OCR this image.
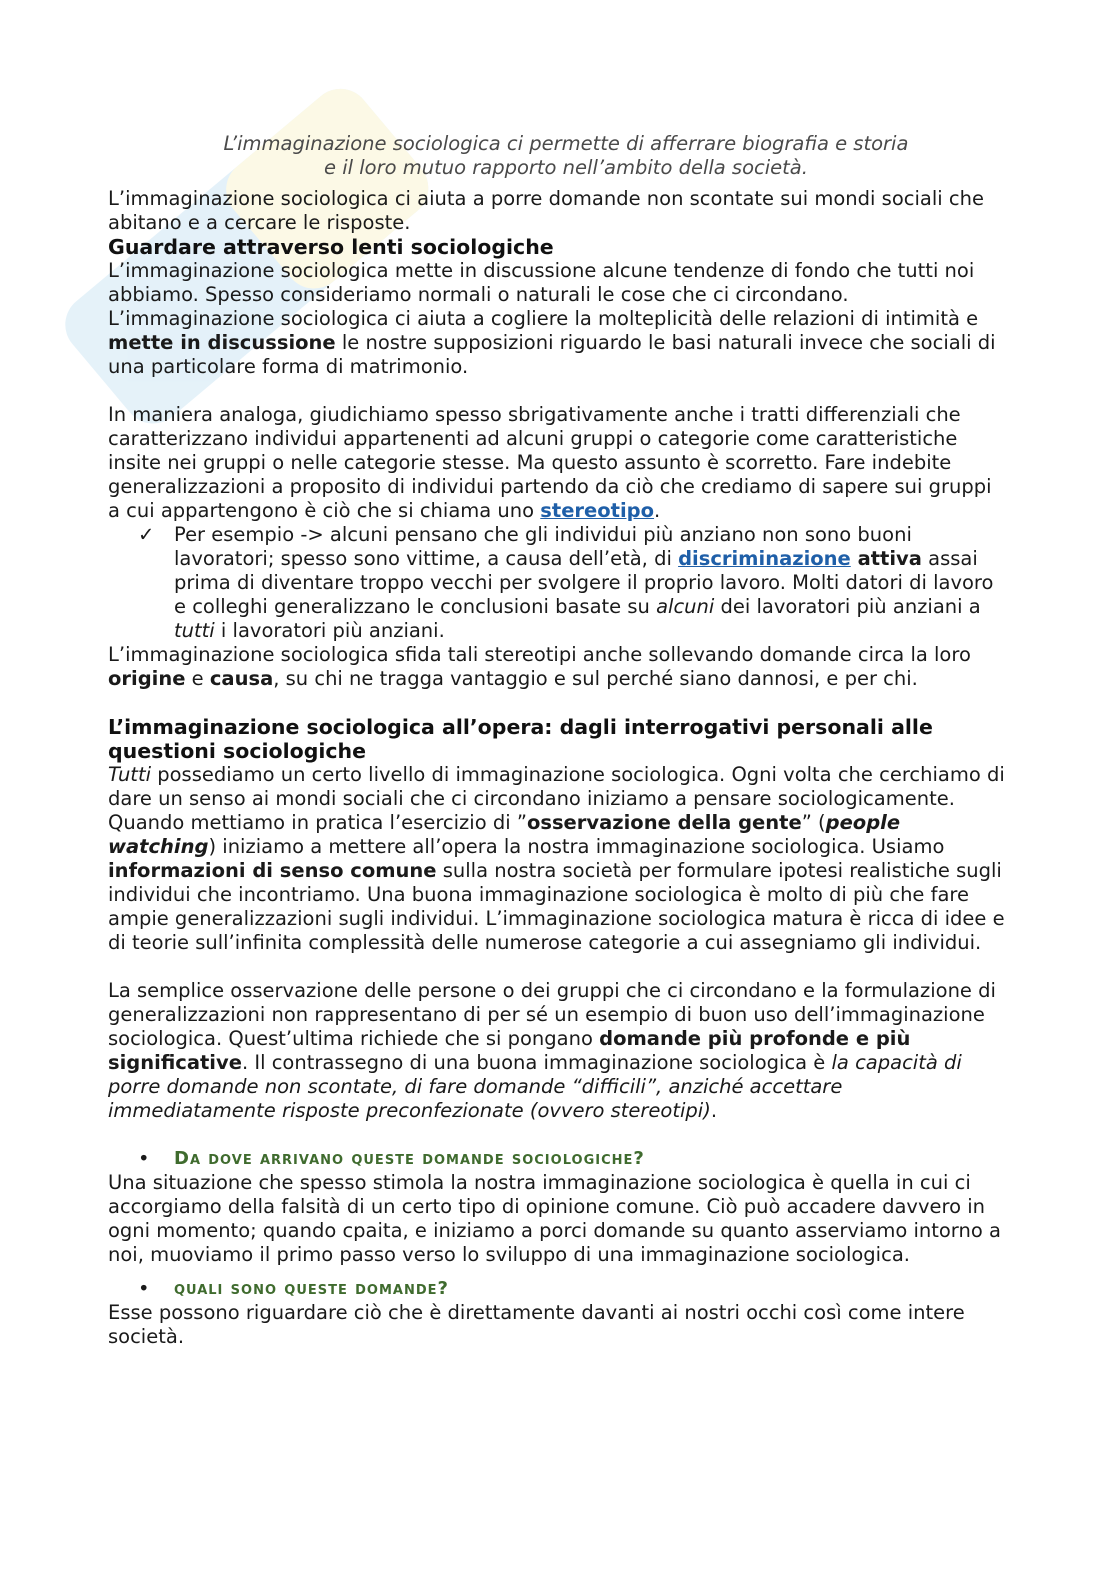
L’immaginazione sociologica ci permette di afferrare biografia e storia
e il loro mutuo rapporto nell’ambito della società.

L’immaginazione sociologica ci aiuta a porre domande non scontate sui mondi sociali che abitano e a cercare le risposte.

Guardare attraverso lenti sociologiche

L’immaginazione sociologica mette in discussione alcune tendenze di fondo che tutti noi abbiamo. Spesso consideriamo normali o naturali le cose che ci circondano.

L’immaginazione sociologica ci aiuta a cogliere la molteplicità delle relazioni di intimità e mette in discussione le nostre supposizioni riguardo le basi naturali invece che sociali di una particolare forma di matrimonio.

In maniera analoga, giudichiamo spesso sbrigativamente anche i tratti differenziali che caratterizzano individui appartenenti ad alcuni gruppi o categorie come caratteristiche insite nei gruppi o nelle categorie stesse. Ma questo assunto è scorretto. Fare indebite generalizzazioni a proposito di individui partendo da ciò che crediamo di sapere sui gruppi a cui appartengono è ciò che si chiama uno stereotipo.

✓	Per esempio -> alcuni pensano che gli individui più anziano non sono buoni lavoratori; spesso sono vittime, a causa dell’età, di discriminazione attiva assai prima di diventare troppo vecchi per svolgere il proprio lavoro. Molti datori di lavoro e colleghi generalizzano le conclusioni basate su alcuni dei lavoratori più anziani a tutti i lavoratori più anziani.

L’immaginazione sociologica sfida tali stereotipi anche sollevando domande circa la loro origine e causa, su chi ne tragga vantaggio e sul perché siano dannosi, e per chi.

L’immaginazione sociologica all’opera: dagli interrogativi personali alle questioni sociologiche

Tutti possediamo un certo livello di immaginazione sociologica. Ogni volta che cerchiamo di dare un senso ai mondi sociali che ci circondano iniziamo a pensare sociologicamente.

Quando mettiamo in pratica l’esercizio di ”osservazione della gente” (people watching) iniziamo a mettere all’opera la nostra immaginazione sociologica. Usiamo informazioni di senso comune sulla nostra società per formulare ipotesi realistiche sugli individui che incontriamo. Una buona immaginazione sociologica è molto di più che fare ampie generalizzazioni sugli individui. L’immaginazione sociologica matura è ricca di idee e di teorie sull’infinita complessità delle numerose categorie a cui assegniamo gli individui.

La semplice osservazione delle persone o dei gruppi che ci circondano e la formulazione di generalizzazioni non rappresentano di per sé un esempio di buon uso dell’immaginazione sociologica. Quest’ultima richiede che si pongano domande più profonde e più significative. Il contrassegno di una buona immaginazione sociologica è la capacità di porre domande non scontate, di fare domande “difficili”, anziché accettare immediatamente risposte preconfezionate (ovvero stereotipi).

•	Da dove arrivano queste domande sociologiche?

Una situazione che spesso stimola la nostra immaginazione sociologica è quella in cui ci accorgiamo della falsità di un certo tipo di opinione comune. Ciò può accadere davvero in ogni momento; quando cpaita, e iniziamo a porci domande su quanto asserviamo intorno a noi, muoviamo il primo passo verso lo sviluppo di una immaginazione sociologica.

•	quali sono queste domande?

Esse possono riguardare ciò che è direttamente davanti ai nostri occhi così come intere società.
